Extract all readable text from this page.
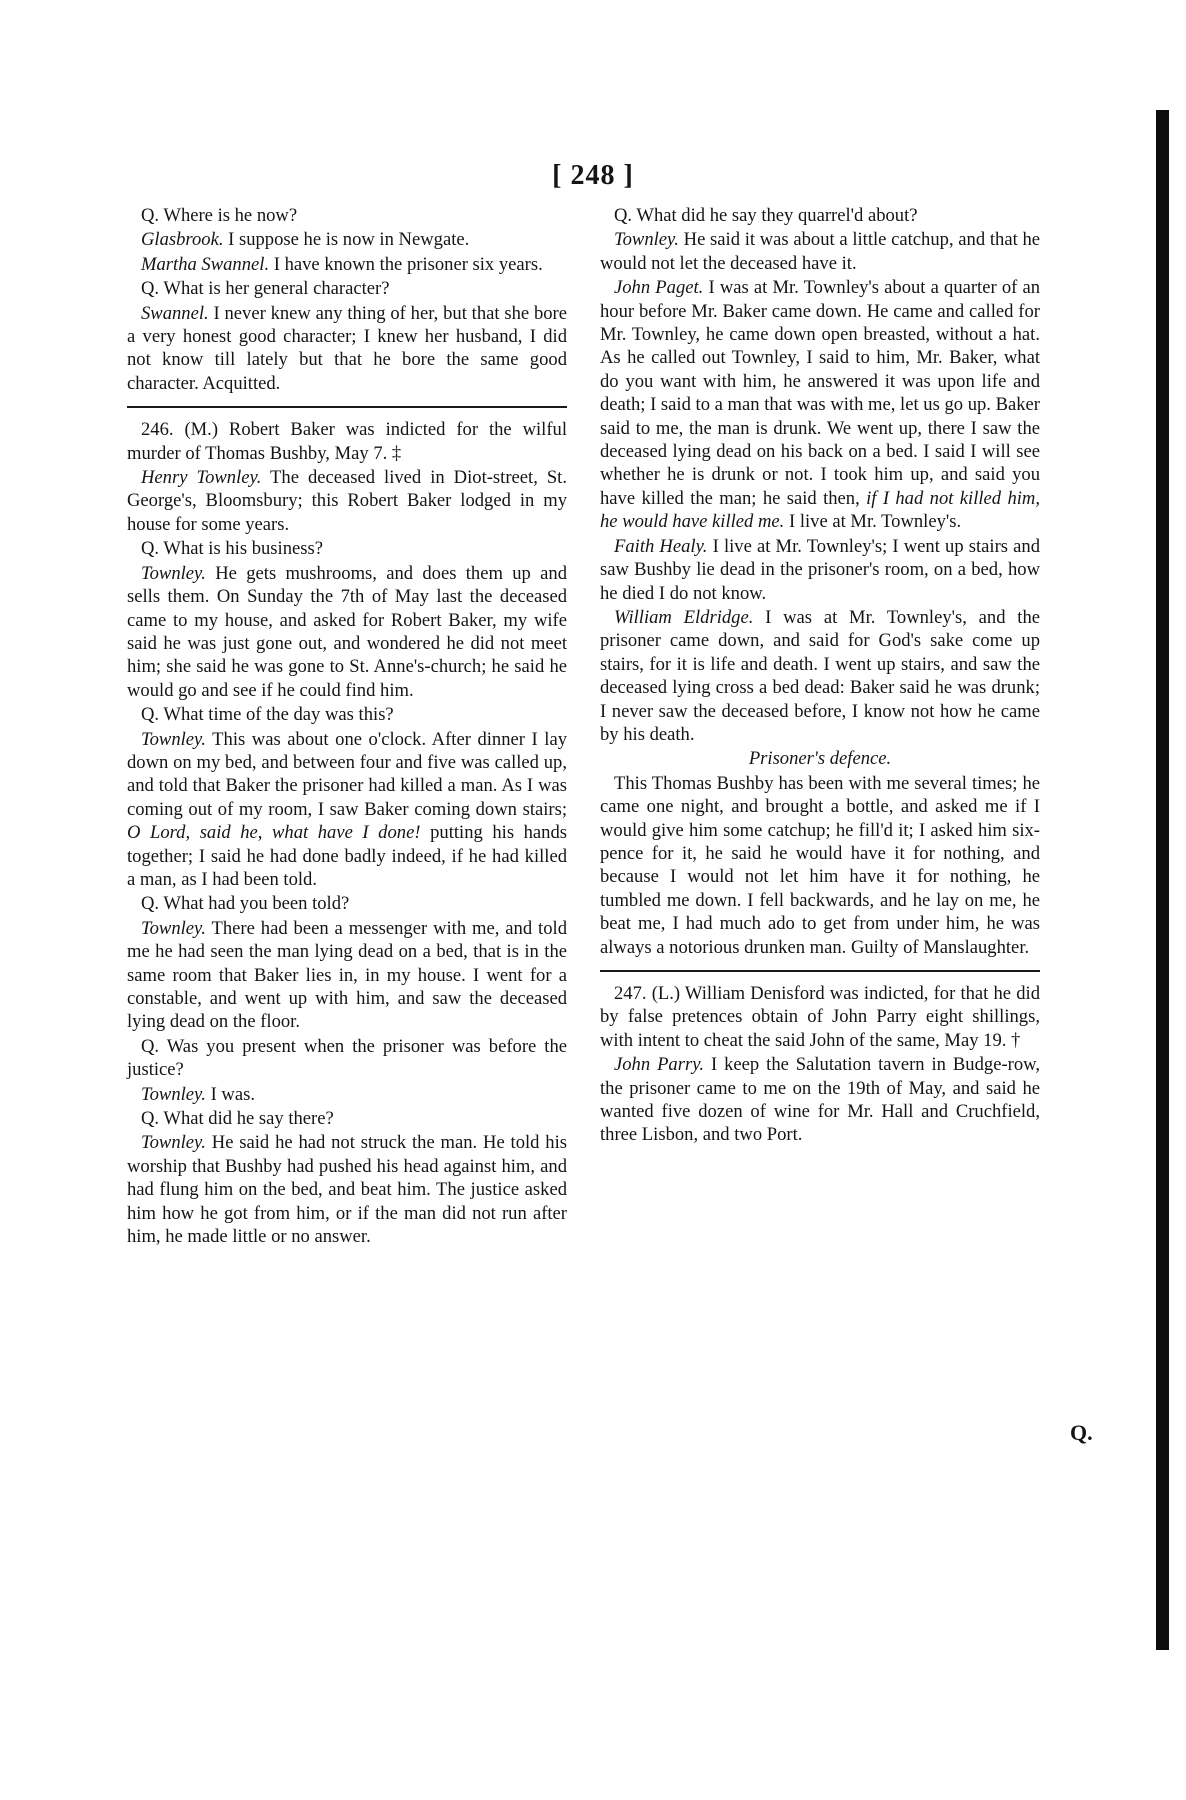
[ 248 ]

Q. Where is he now?

Glasbrook. I suppose he is now in Newgate.

Martha Swannel. I have known the prisoner six years.

Q. What is her general character?

Swannel. I never knew any thing of her, but that she bore a very honest good character; I knew her husband, I did not know till lately but that he bore the same good character. Acquitted.

246. (M.) Robert Baker was indicted for the wilful murder of Thomas Bushby, May 7. ‡

Henry Townley. The deceased lived in Diot-street, St. George's, Bloomsbury; this Robert Baker lodged in my house for some years.

Q. What is his business?

Townley. He gets mushrooms, and does them up and sells them. On Sunday the 7th of May last the deceased came to my house, and asked for Robert Baker, my wife said he was just gone out, and wondered he did not meet him; she said he was gone to St. Anne's-church; he said he would go and see if he could find him.

Q. What time of the day was this?

Townley. This was about one o'clock. After dinner I lay down on my bed, and between four and five was called up, and told that Baker the prisoner had killed a man. As I was coming out of my room, I saw Baker coming down stairs; O Lord, said he, what have I done! putting his hands together; I said he had done badly indeed, if he had killed a man, as I had been told.

Q. What had you been told?

Townley. There had been a messenger with me, and told me he had seen the man lying dead on a bed, that is in the same room that Baker lies in, in my house. I went for a constable, and went up with him, and saw the deceased lying dead on the floor.

Q. Was you present when the prisoner was before the justice?

Townley. I was.

Q. What did he say there?

Townley. He said he had not struck the man. He told his worship that Bushby had pushed his head against him, and had flung him on the bed, and beat him. The justice asked him how he got from him, or if the man did not run after him, he made little or no answer.

Q. What did he say they quarrel'd about?

Townley. He said it was about a little catchup, and that he would not let the deceased have it.

John Paget. I was at Mr. Townley's about a quarter of an hour before Mr. Baker came down. He came and called for Mr. Townley, he came down open breasted, without a hat. As he called out Townley, I said to him, Mr. Baker, what do you want with him, he answered it was upon life and death; I said to a man that was with me, let us go up. Baker said to me, the man is drunk. We went up, there I saw the deceased lying dead on his back on a bed. I said I will see whether he is drunk or not. I took him up, and said you have killed the man; he said then, if I had not killed him, he would have killed me. I live at Mr. Townley's.

Faith Healy. I live at Mr. Townley's; I went up stairs and saw Bushby lie dead in the prisoner's room, on a bed, how he died I do not know.

William Eldridge. I was at Mr. Townley's, and the prisoner came down, and said for God's sake come up stairs, for it is life and death. I went up stairs, and saw the deceased lying cross a bed dead: Baker said he was drunk; I never saw the deceased before, I know not how he came by his death.

Prisoner's defence.

This Thomas Bushby has been with me several times; he came one night, and brought a bottle, and asked me if I would give him some catchup; he fill'd it; I asked him six-pence for it, he said he would have it for nothing, and because I would not let him have it for nothing, he tumbled me down. I fell backwards, and he lay on me, he beat me, I had much ado to get from under him, he was always a notorious drunken man. Guilty of Manslaughter.

247. (L.) William Denisford was indicted, for that he did by false pretences obtain of John Parry eight shillings, with intent to cheat the said John of the same, May 19. †

John Parry. I keep the Salutation tavern in Budge-row, the prisoner came to me on the 19th of May, and said he wanted five dozen of wine for Mr. Hall and Cruchfield, three Lisbon, and two Port.

Q.
